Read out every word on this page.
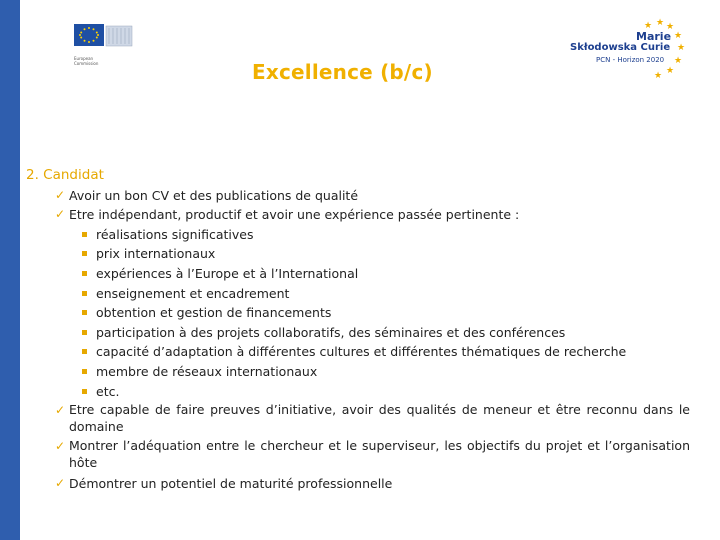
European
Commission	Excellence (b/c)
★ ★ ★
★
★
★
★
★
Marie
Skłodowska Curie
PCN - Horizon 2020
2. Candidat
✓ Avoir un bon CV et des publications de qualité
✓ Etre indépendant, productif et avoir une expérience passée pertinente :
réalisations significatives
prix internationaux
expériences à l’Europe et à l’International
enseignement et encadrement
obtention et gestion de financements
participation à des projets collaboratifs, des séminaires et des conférences
capacité d’adaptation à différentes cultures et différentes thématiques de recherche
membre de réseaux internationaux
etc.
✓ Etre capable de faire preuves d’initiative, avoir des qualités de meneur et être reconnu dans le domaine
✓ Montrer l’adéquation entre le chercheur et le superviseur, les objectifs du projet et l’organisation hôte
✓ Démontrer un potentiel de maturité professionnelle
